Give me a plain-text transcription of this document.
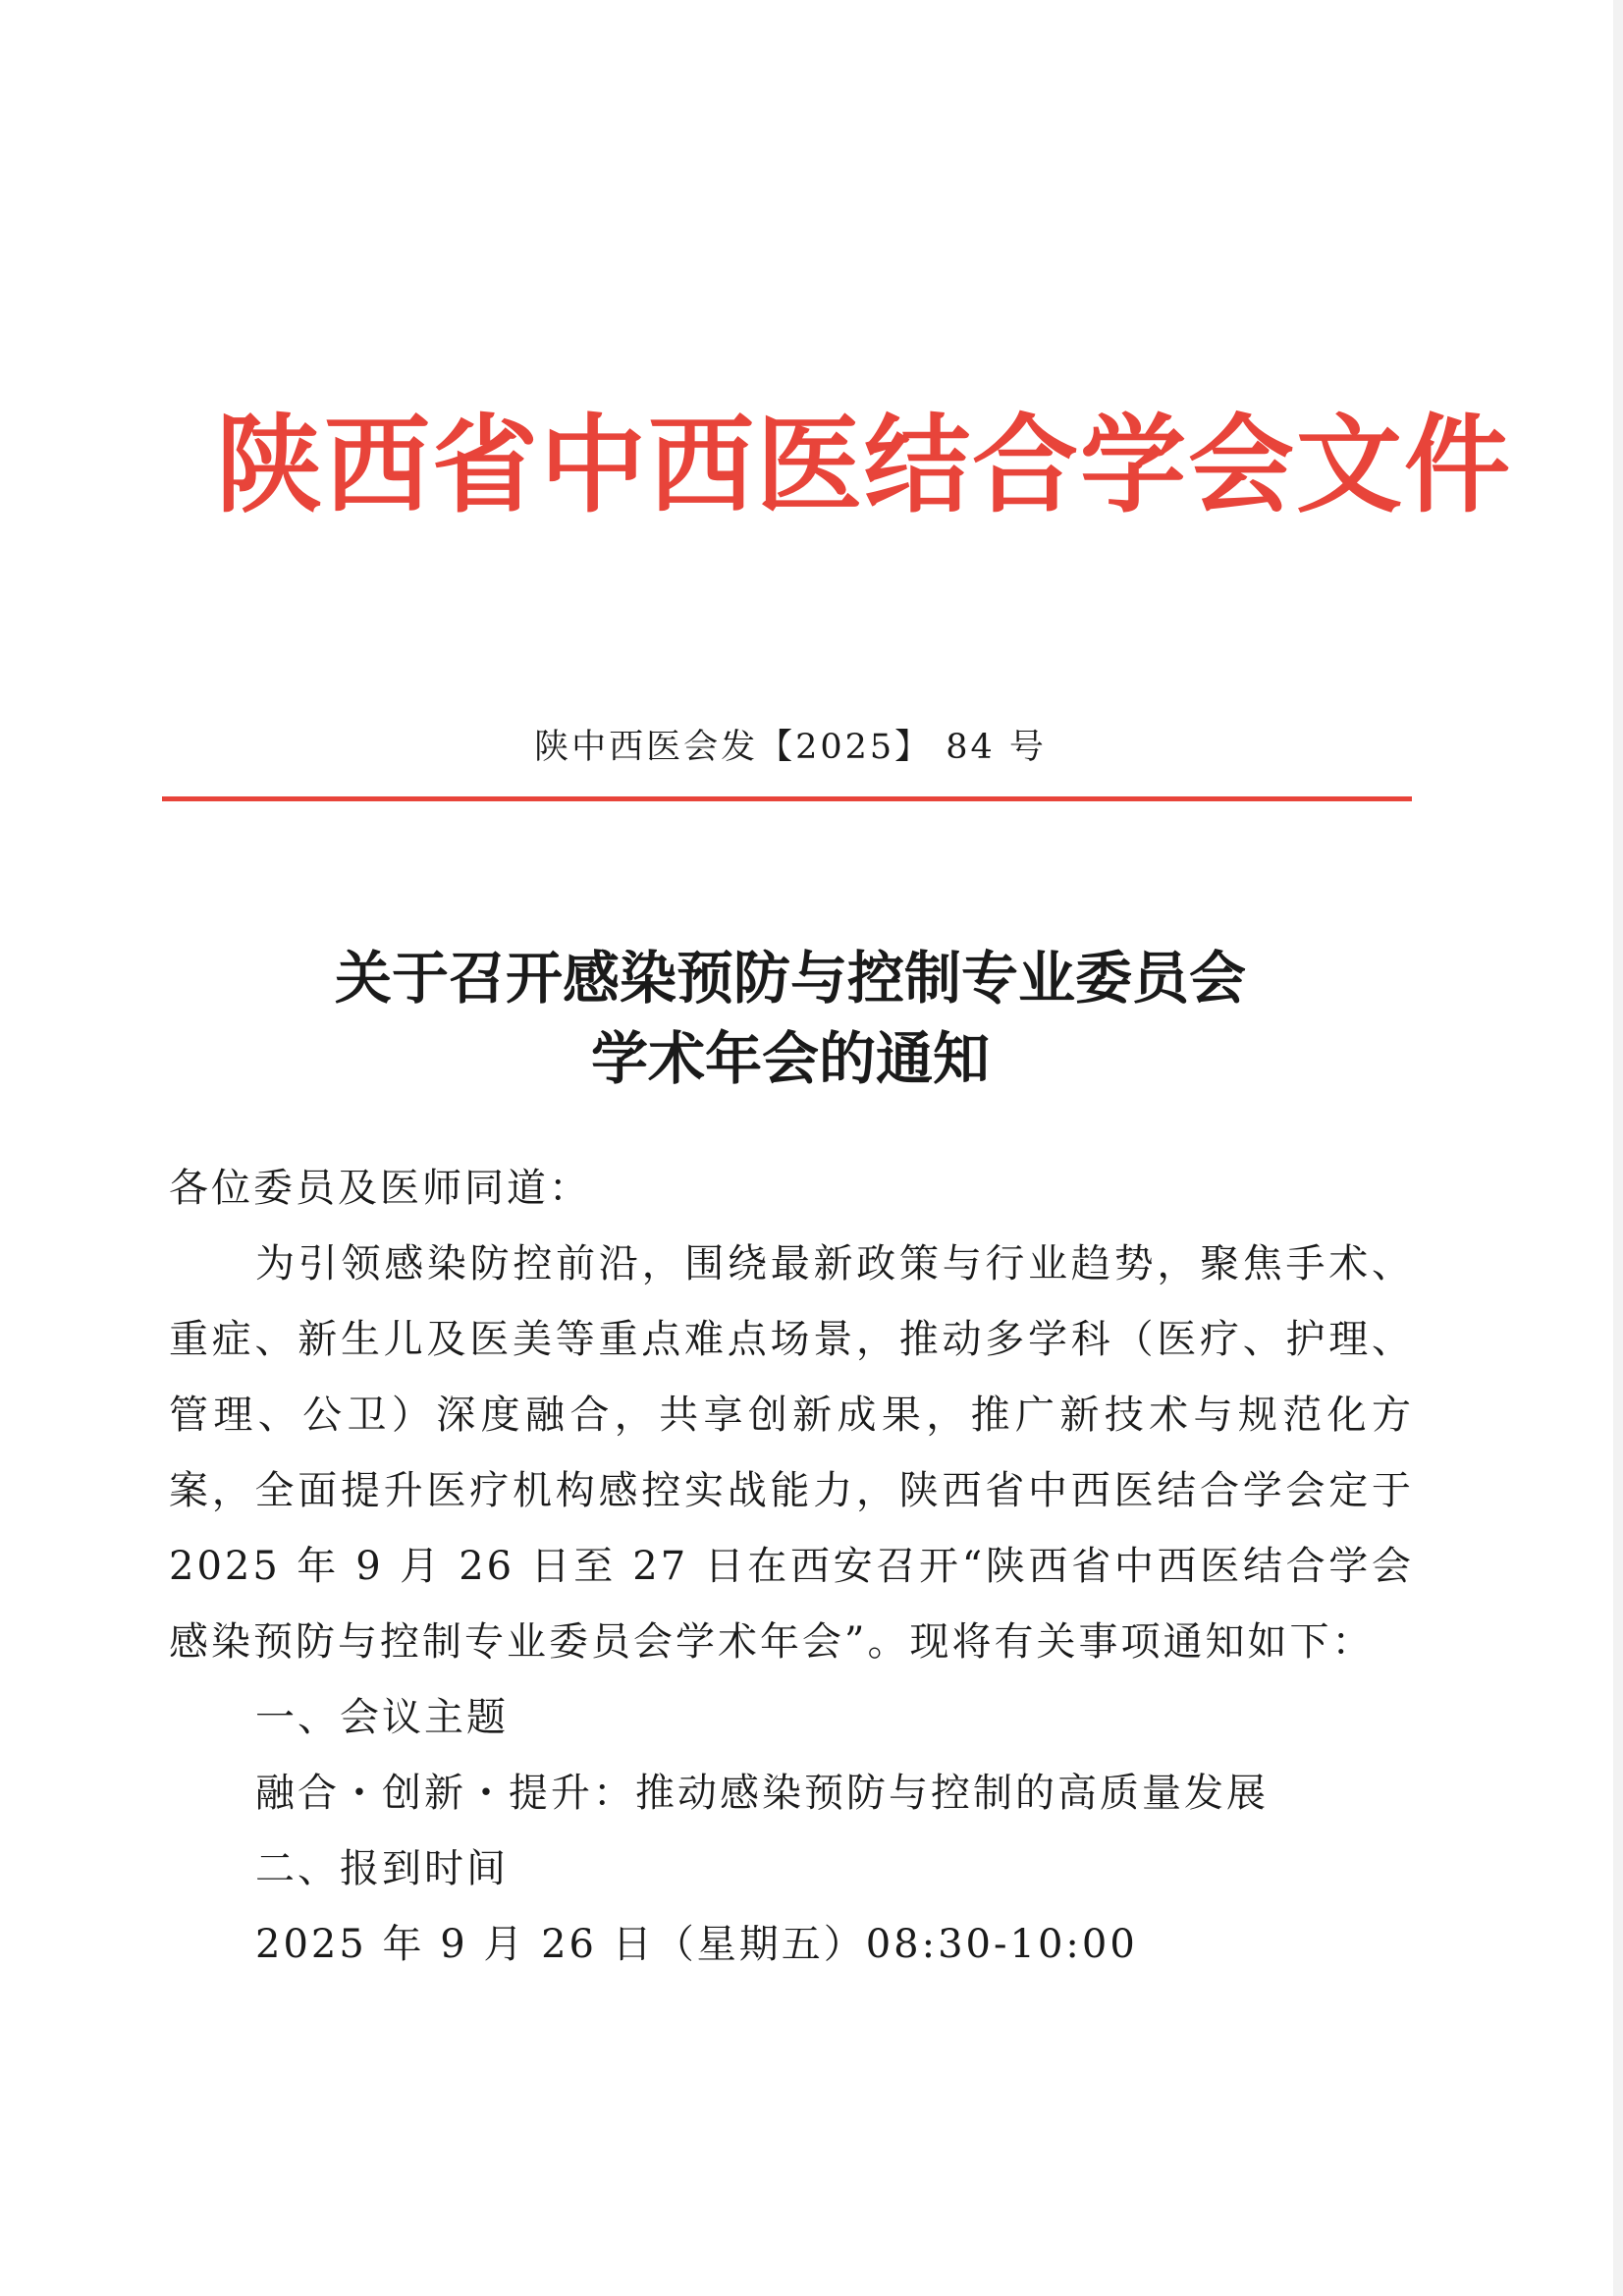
陕西省中西医结合学会文件
陕中西医会发【2025】 84 号
关于召开感染预防与控制专业委员会
学术年会的通知

各位委员及医师同道：

为引领感染防控前沿，围绕最新政策与行业趋势，聚焦手术、重症、新生儿及医美等重点难点场景，推动多学科（医疗、护理、管理、公卫）深度融合，共享创新成果，推广新技术与规范化方案，全面提升医疗机构感控实战能力，陕西省中西医结合学会定于 2025 年 9 月 26 日至 27 日在西安召开“陕西省中西医结合学会感染预防与控制专业委员会学术年会”。现将有关事项通知如下：

一、会议主题

融合・创新・提升：推动感染预防与控制的高质量发展

二、报到时间

2025 年 9 月 26 日（星期五）08:30-10:00
